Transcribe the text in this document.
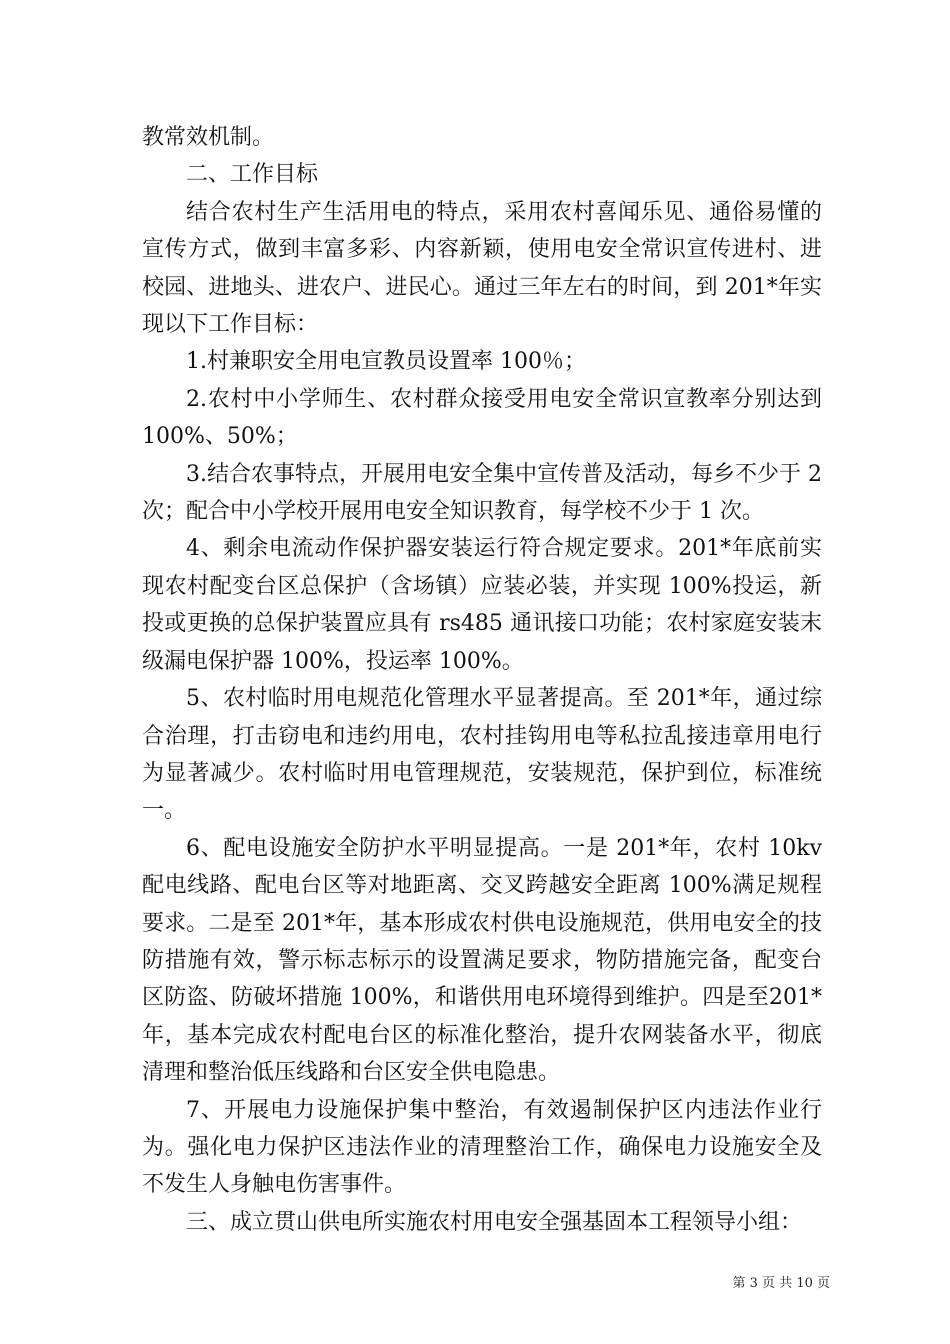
教常效机制。

二、工作目标

结合农村生产生活用电的特点，采用农村喜闻乐见、通俗易懂的宣传方式，做到丰富多彩、内容新颖，使用电安全常识宣传进村、进校园、进地头、进农户、进民心。通过三年左右的时间，到 201*年实现以下工作目标：

1.村兼职安全用电宣教员设置率 100％；

2.农村中小学师生、农村群众接受用电安全常识宣教率分别达到 100%、50%；

3.结合农事特点，开展用电安全集中宣传普及活动，每乡不少于 2 次；配合中小学校开展用电安全知识教育，每学校不少于 1 次。

4、剩余电流动作保护器安装运行符合规定要求。201*年底前实现农村配变台区总保护（含场镇）应装必装，并实现 100%投运，新投或更换的总保护装置应具有 rs485 通讯接口功能；农村家庭安装末级漏电保护器 100%，投运率 100%。

5、农村临时用电规范化管理水平显著提高。至 201*年，通过综合治理，打击窃电和违约用电，农村挂钩用电等私拉乱接违章用电行为显著减少。农村临时用电管理规范，安装规范，保护到位，标准统一。

6、配电设施安全防护水平明显提高。一是 201*年，农村 10kv配电线路、配电台区等对地距离、交叉跨越安全距离 100%满足规程要求。二是至 201*年，基本形成农村供电设施规范，供用电安全的技防措施有效，警示标志标示的设置满足要求，物防措施完备，配变台区防盗、防破坏措施 100%，和谐供用电环境得到维护。四是至201*年，基本完成农村配电台区的标准化整治，提升农网装备水平，彻底清理和整治低压线路和台区安全供电隐患。

7、开展电力设施保护集中整治，有效遏制保护区内违法作业行为。强化电力保护区违法作业的清理整治工作，确保电力设施安全及不发生人身触电伤害事件。

三、成立贯山供电所实施农村用电安全强基固本工程领导小组：

第 3 页 共 10 页
